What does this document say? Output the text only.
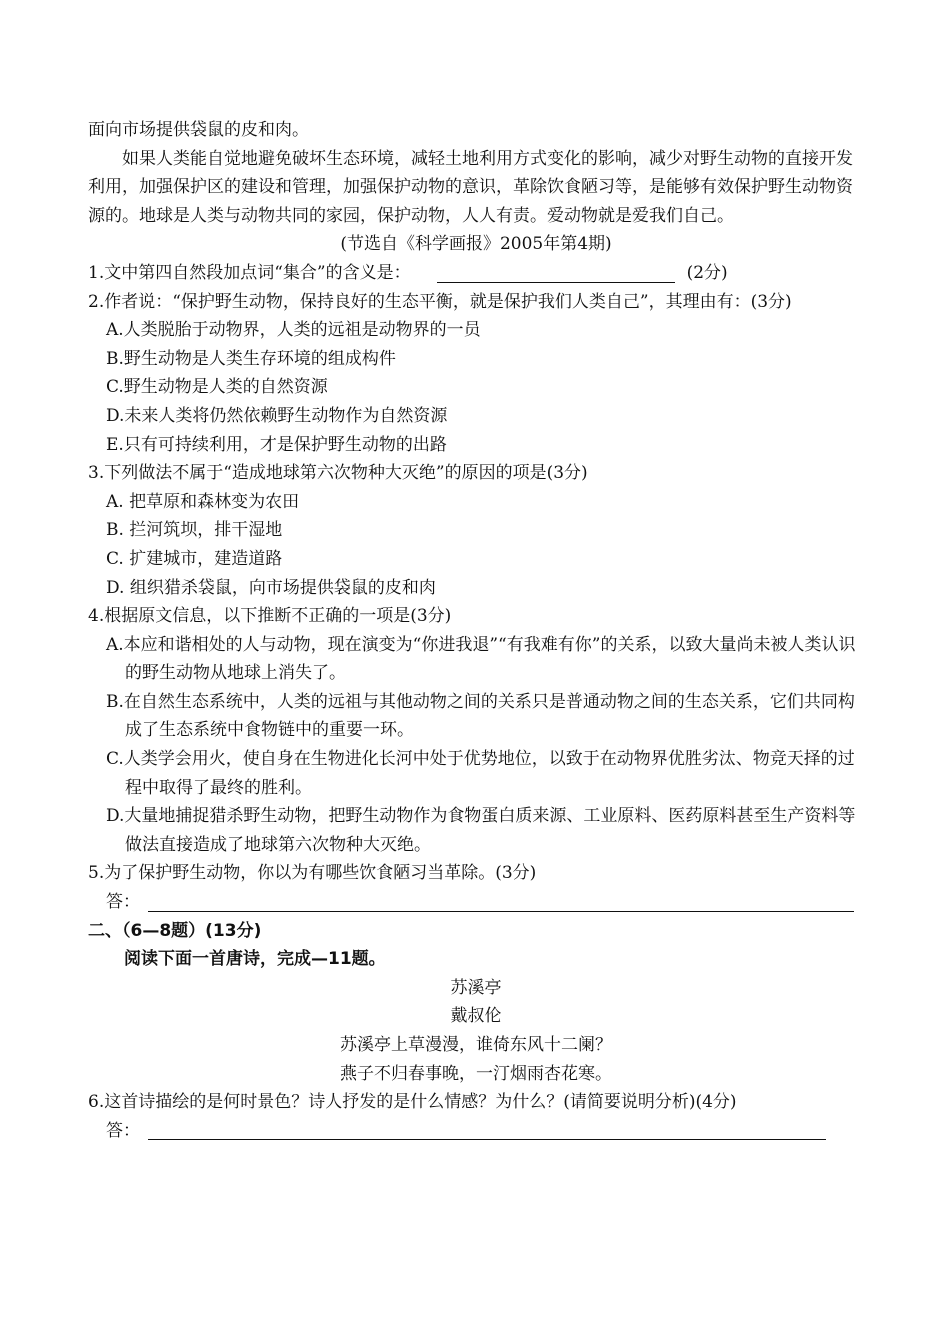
面向市场提供袋鼠的皮和肉。

如果人类能自觉地避免破坏生态环境，减轻土地利用方式变化的影响，减少对野生动物的直接开发利用，加强保护区的建设和管理，加强保护动物的意识，革除饮食陋习等，是能够有效保护野生动物资源的。地球是人类与动物共同的家园，保护动物，人人有责。爱动物就是爱我们自己。

(节选自《科学画报》2005年第4期)

1.文中第四自然段加点词“集合”的含义是：	(2分)

2.作者说：“保护野生动物，保持良好的生态平衡，就是保护我们人类自己”，其理由有：(3分)

A.人类脱胎于动物界，人类的远祖是动物界的一员

B.野生动物是人类生存环境的组成构件

C.野生动物是人类的自然资源

D.未来人类将仍然依赖野生动物作为自然资源

E.只有可持续利用，才是保护野生动物的出路

3.下列做法不属于“造成地球第六次物种大灭绝”的原因的项是(3分)

A. 把草原和森林变为农田

B. 拦河筑坝，排干湿地

C. 扩建城市，建造道路

D. 组织猎杀袋鼠，向市场提供袋鼠的皮和肉

4.根据原文信息，以下推断不正确的一项是(3分)

A.本应和谐相处的人与动物，现在演变为“你进我退”“有我难有你”的关系，以致大量尚未被人类认识的野生动物从地球上消失了。

B.在自然生态系统中，人类的远祖与其他动物之间的关系只是普通动物之间的生态关系，它们共同构成了生态系统中食物链中的重要一环。

C.人类学会用火，使自身在生物进化长河中处于优势地位，以致于在动物界优胜劣汰、物竞天择的过程中取得了最终的胜利。

D.大量地捕捉猎杀野生动物，把野生动物作为食物蛋白质来源、工业原料、医药原料甚至生产资料等做法直接造成了地球第六次物种大灭绝。

5.为了保护野生动物，你以为有哪些饮食陋习当革除。(3分)

答：

二、（6—8题）(13分)

阅读下面一首唐诗，完成—11题。

苏溪亭

戴叔伦

苏溪亭上草漫漫，谁倚东风十二阑？

燕子不归春事晚，一汀烟雨杏花寒。

6.这首诗描绘的是何时景色？诗人抒发的是什么情感？为什么？(请简要说明分析)(4分)

答：
